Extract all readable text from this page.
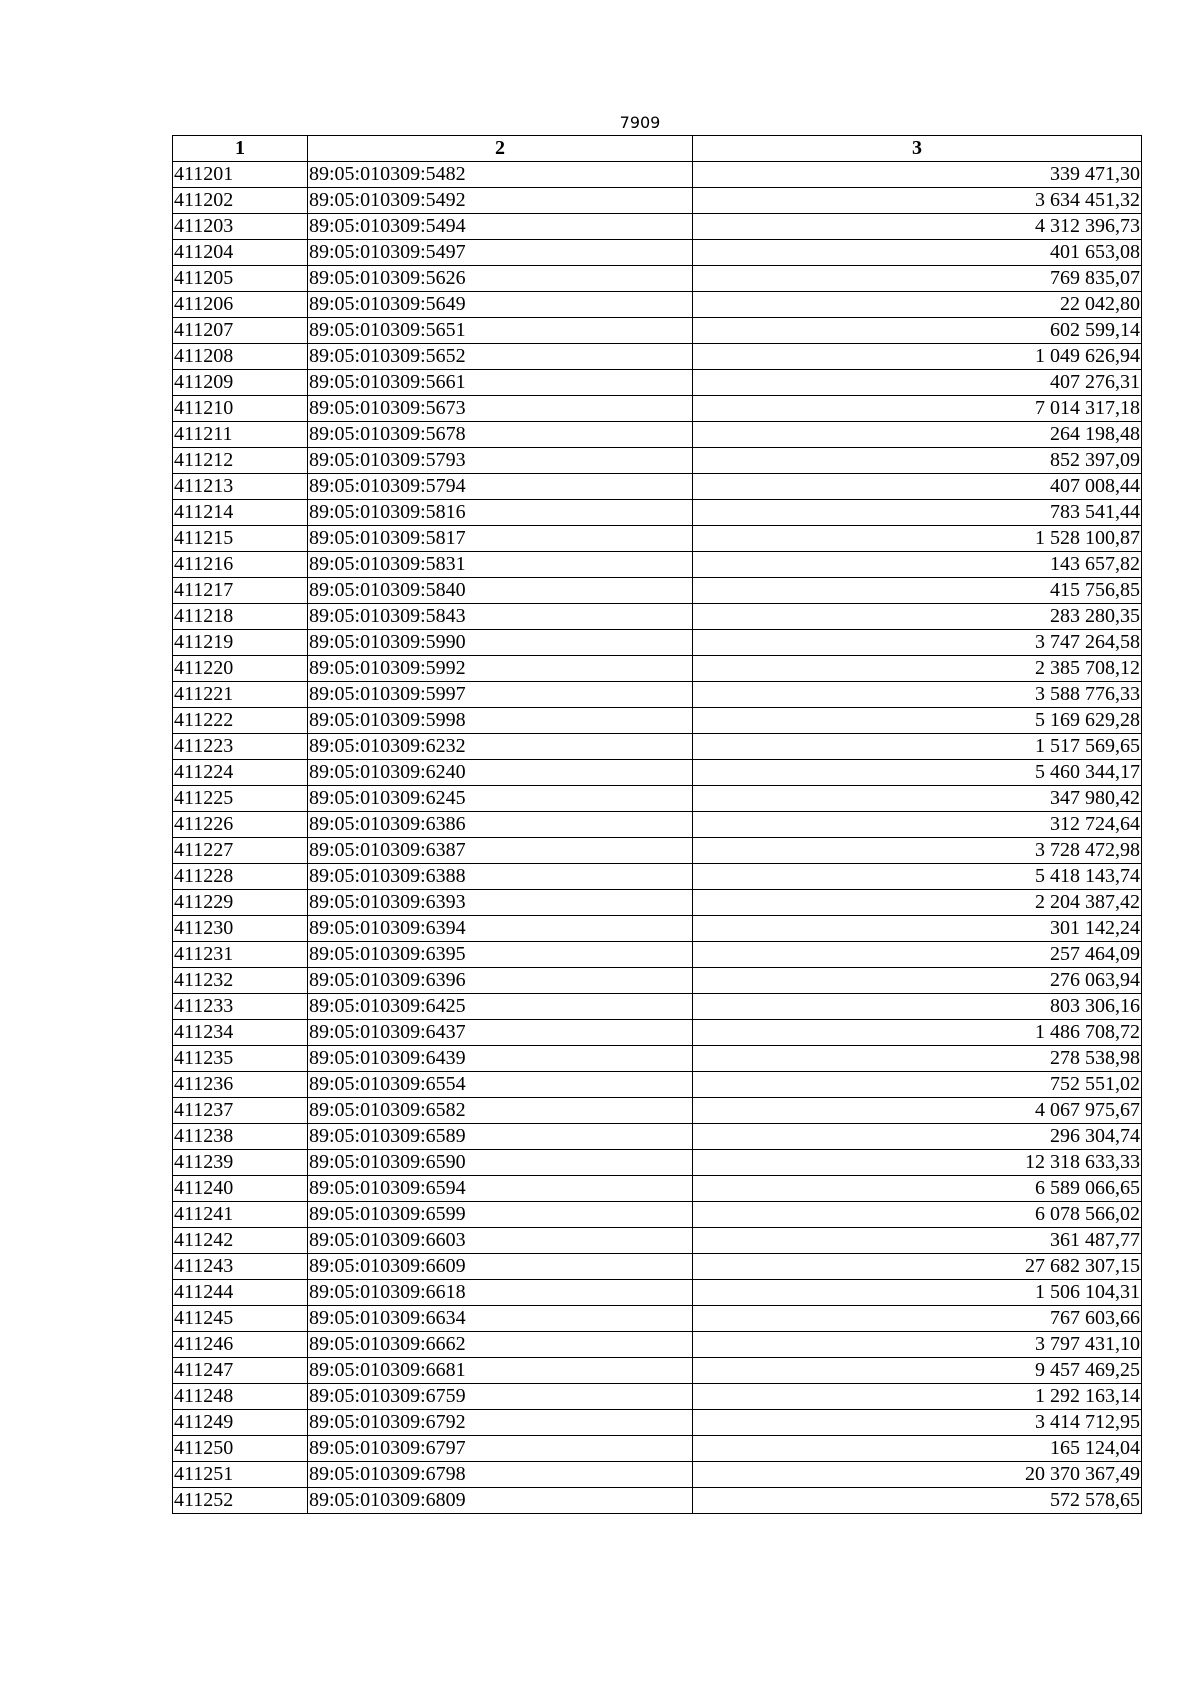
7909
1	2	3
411201	89:05:010309:5482	339 471,30
411202	89:05:010309:5492	3 634 451,32
411203	89:05:010309:5494	4 312 396,73
411204	89:05:010309:5497	401 653,08
411205	89:05:010309:5626	769 835,07
411206	89:05:010309:5649	22 042,80
411207	89:05:010309:5651	602 599,14
411208	89:05:010309:5652	1 049 626,94
411209	89:05:010309:5661	407 276,31
411210	89:05:010309:5673	7 014 317,18
411211	89:05:010309:5678	264 198,48
411212	89:05:010309:5793	852 397,09
411213	89:05:010309:5794	407 008,44
411214	89:05:010309:5816	783 541,44
411215	89:05:010309:5817	1 528 100,87
411216	89:05:010309:5831	143 657,82
411217	89:05:010309:5840	415 756,85
411218	89:05:010309:5843	283 280,35
411219	89:05:010309:5990	3 747 264,58
411220	89:05:010309:5992	2 385 708,12
411221	89:05:010309:5997	3 588 776,33
411222	89:05:010309:5998	5 169 629,28
411223	89:05:010309:6232	1 517 569,65
411224	89:05:010309:6240	5 460 344,17
411225	89:05:010309:6245	347 980,42
411226	89:05:010309:6386	312 724,64
411227	89:05:010309:6387	3 728 472,98
411228	89:05:010309:6388	5 418 143,74
411229	89:05:010309:6393	2 204 387,42
411230	89:05:010309:6394	301 142,24
411231	89:05:010309:6395	257 464,09
411232	89:05:010309:6396	276 063,94
411233	89:05:010309:6425	803 306,16
411234	89:05:010309:6437	1 486 708,72
411235	89:05:010309:6439	278 538,98
411236	89:05:010309:6554	752 551,02
411237	89:05:010309:6582	4 067 975,67
411238	89:05:010309:6589	296 304,74
411239	89:05:010309:6590	12 318 633,33
411240	89:05:010309:6594	6 589 066,65
411241	89:05:010309:6599	6 078 566,02
411242	89:05:010309:6603	361 487,77
411243	89:05:010309:6609	27 682 307,15
411244	89:05:010309:6618	1 506 104,31
411245	89:05:010309:6634	767 603,66
411246	89:05:010309:6662	3 797 431,10
411247	89:05:010309:6681	9 457 469,25
411248	89:05:010309:6759	1 292 163,14
411249	89:05:010309:6792	3 414 712,95
411250	89:05:010309:6797	165 124,04
411251	89:05:010309:6798	20 370 367,49
411252	89:05:010309:6809	572 578,65
